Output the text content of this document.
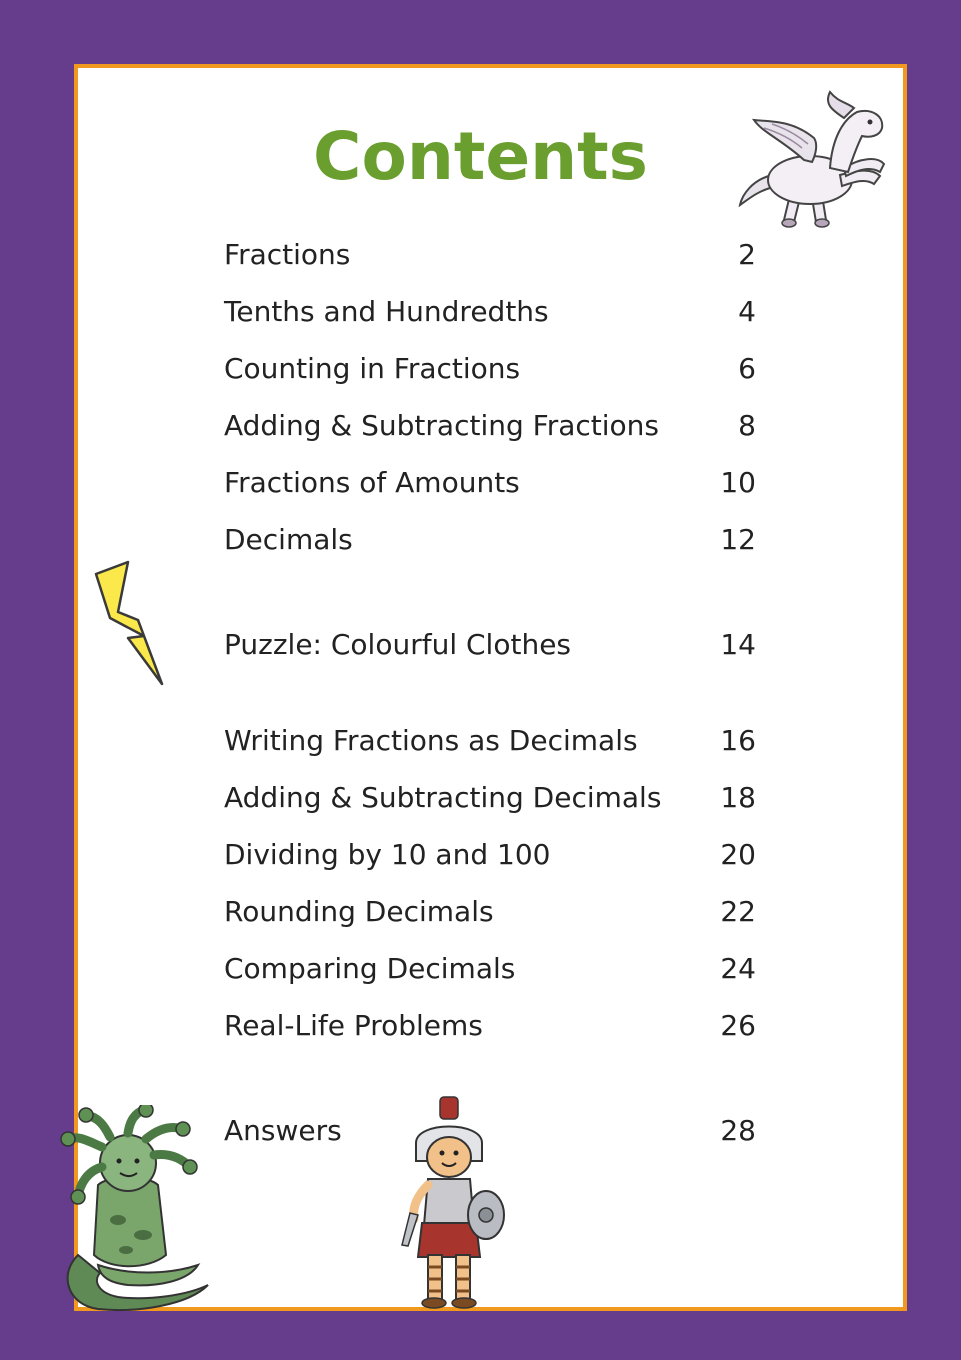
Contents
Fractions	2
Tenths and Hundredths	4
Counting in Fractions	6
Adding & Subtracting Fractions	8
Fractions of Amounts	10
Decimals	12
Puzzle: Colourful Clothes	14
Writing Fractions as Decimals	16
Adding & Subtracting Decimals 18
Dividing by 10 and 100	20
Rounding Decimals	22
Comparing Decimals	24
Real-Life Problems	26
Answers	28
